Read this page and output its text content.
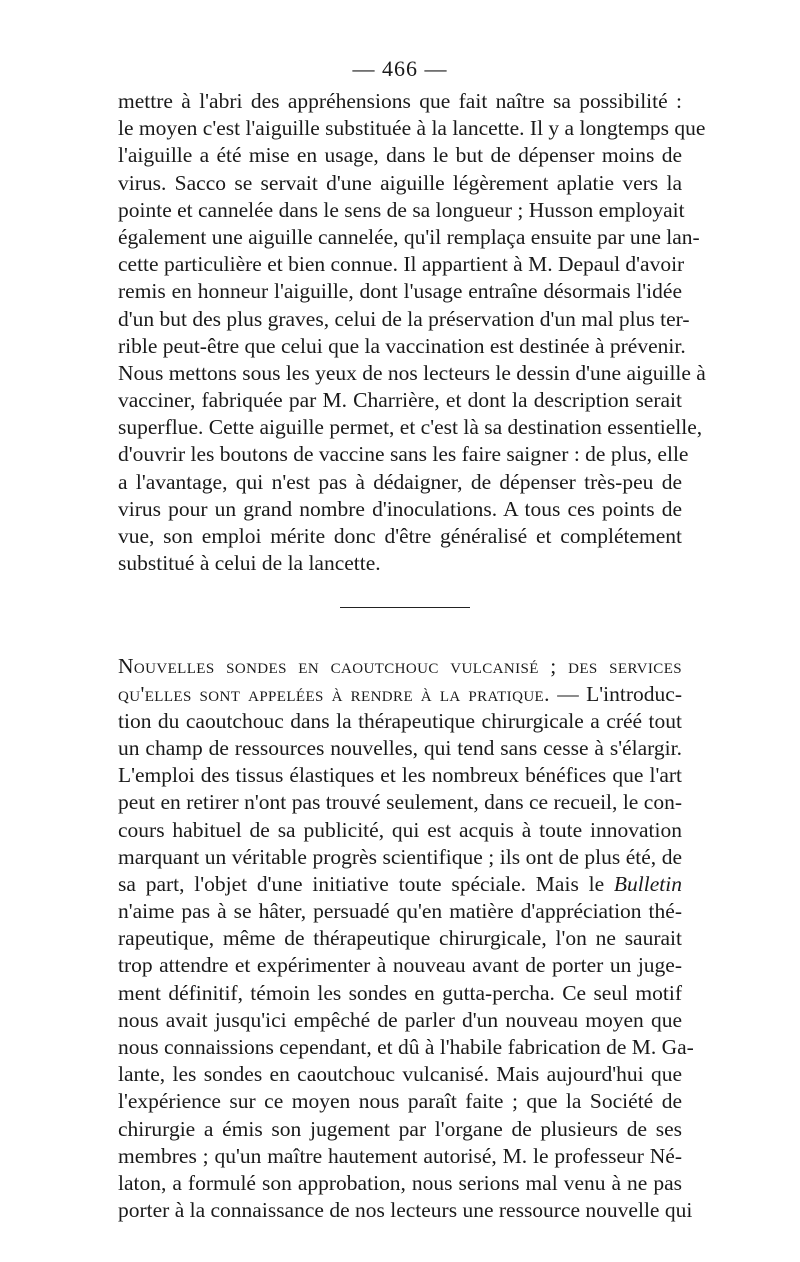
— 466 —
mettre à l'abri des appréhensions que fait naître sa possibilité :
le moyen c'est l'aiguille substituée à la lancette. Il y a longtemps que
l'aiguille a été mise en usage, dans le but de dépenser moins de
virus. Sacco se servait d'une aiguille légèrement aplatie vers la
pointe et cannelée dans le sens de sa longueur ; Husson employait
également une aiguille cannelée, qu'il remplaça ensuite par une lan-
cette particulière et bien connue. Il appartient à M. Depaul d'avoir
remis en honneur l'aiguille, dont l'usage entraîne désormais l'idée
d'un but des plus graves, celui de la préservation d'un mal plus ter-
rible peut-être que celui que la vaccination est destinée à prévenir.
Nous mettons sous les yeux de nos lecteurs le dessin d'une aiguille à
vacciner, fabriquée par M. Charrière, et dont la description serait
superflue. Cette aiguille permet, et c'est là sa destination essentielle,
d'ouvrir les boutons de vaccine sans les faire saigner : de plus, elle
a l'avantage, qui n'est pas à dédaigner, de dépenser très-peu de
virus pour un grand nombre d'inoculations. A tous ces points de
vue, son emploi mérite donc d'être généralisé et complétement
substitué à celui de la lancette.
Nouvelles sondes en caoutchouc vulcanisé ; des services
qu'elles sont appelées à rendre à la pratique. — L'introduc-
tion du caoutchouc dans la thérapeutique chirurgicale a créé tout
un champ de ressources nouvelles, qui tend sans cesse à s'élargir.
L'emploi des tissus élastiques et les nombreux bénéfices que l'art
peut en retirer n'ont pas trouvé seulement, dans ce recueil, le con-
cours habituel de sa publicité, qui est acquis à toute innovation
marquant un véritable progrès scientifique ; ils ont de plus été, de
sa part, l'objet d'une initiative toute spéciale. Mais le Bulletin
n'aime pas à se hâter, persuadé qu'en matière d'appréciation thé-
rapeutique, même de thérapeutique chirurgicale, l'on ne saurait
trop attendre et expérimenter à nouveau avant de porter un juge-
ment définitif, témoin les sondes en gutta-percha. Ce seul motif
nous avait jusqu'ici empêché de parler d'un nouveau moyen que
nous connaissions cependant, et dû à l'habile fabrication de M. Ga-
lante, les sondes en caoutchouc vulcanisé. Mais aujourd'hui que
l'expérience sur ce moyen nous paraît faite ; que la Société de
chirurgie a émis son jugement par l'organe de plusieurs de ses
membres ; qu'un maître hautement autorisé, M. le professeur Né-
laton, a formulé son approbation, nous serions mal venu à ne pas
porter à la connaissance de nos lecteurs une ressource nouvelle qui
